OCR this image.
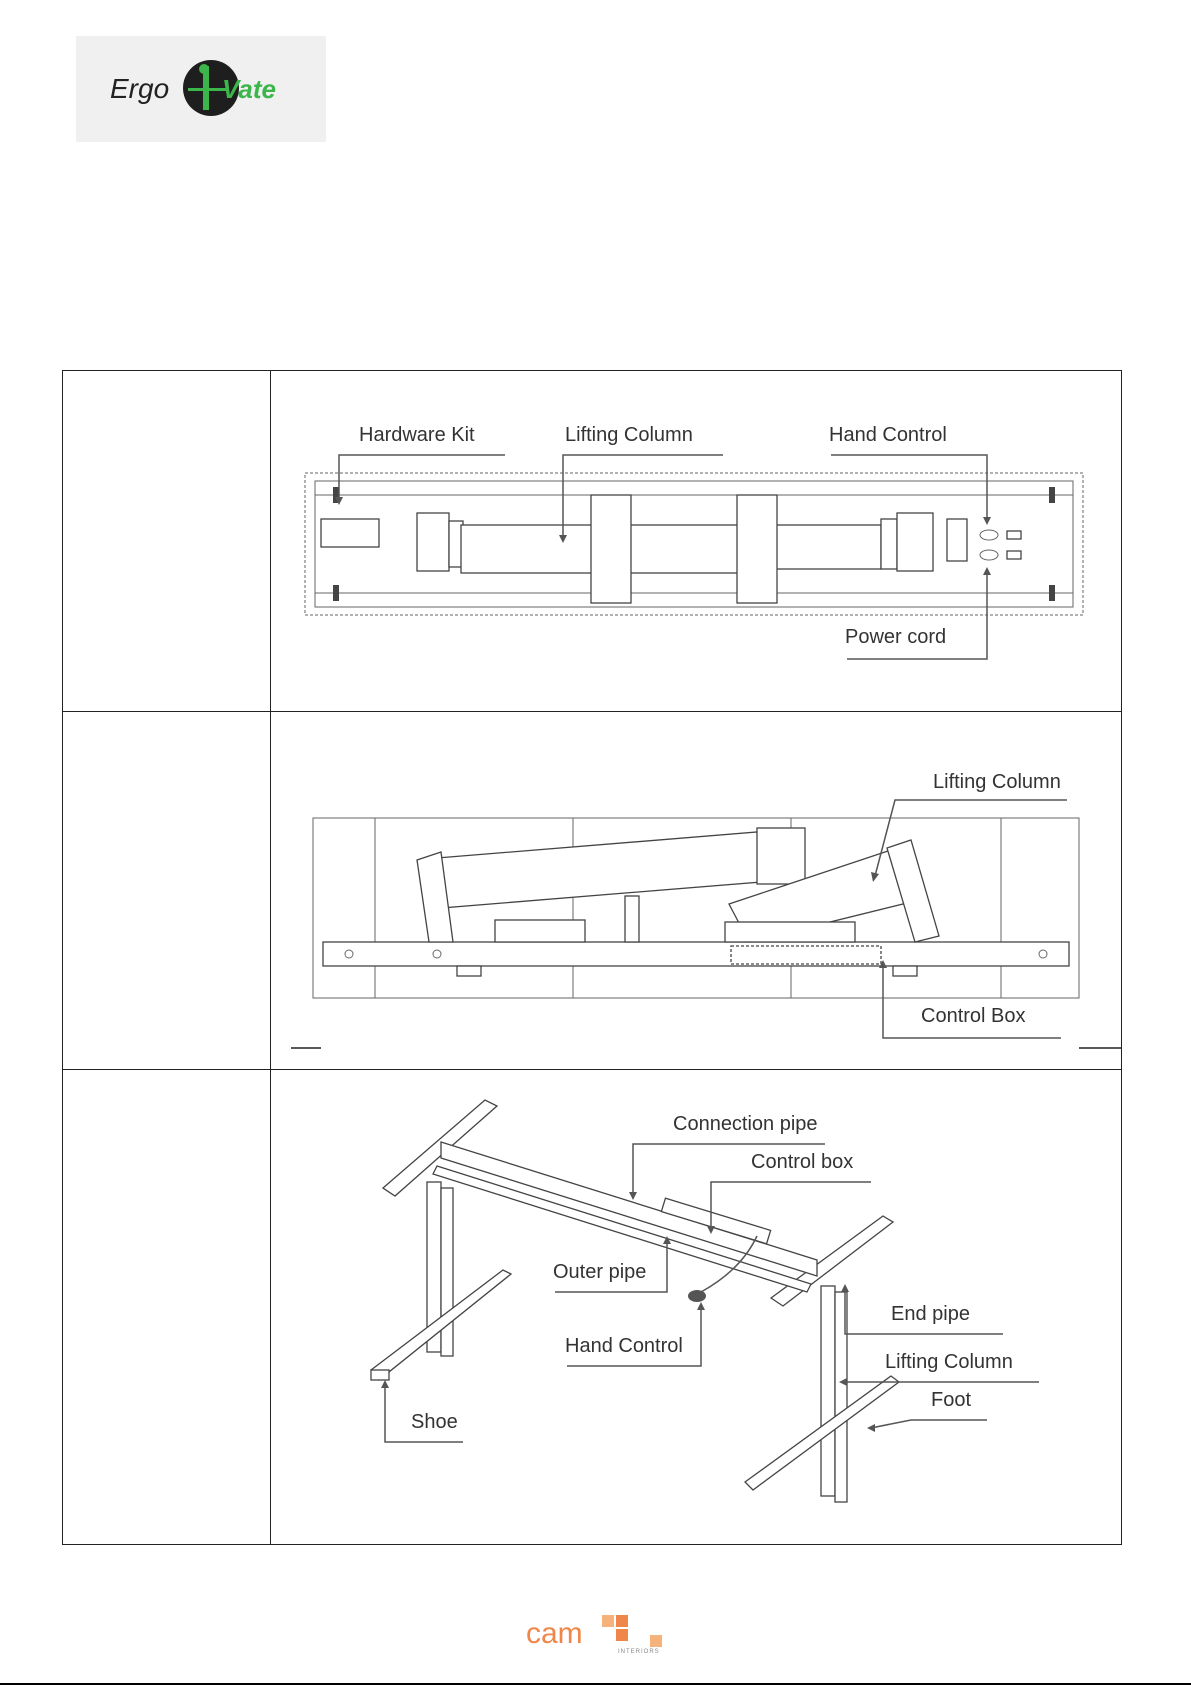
Ergo Vate
Hardware Kit	Lifting Column	Hand Control
Power cord
Lifting Column
Control Box
Connection pipe
Control box
Outer pipe
Hand Control
End pipe
Lifting Column
Foot
Shoe
cam
INTERIORS
